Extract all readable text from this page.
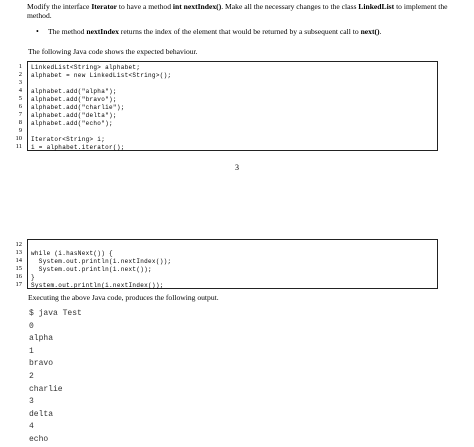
Modify the interface Iterator to have a method int nextIndex(). Make all the necessary changes to the class LinkedList to implement the method.
• The method nextIndex returns the index of the element that would be returned by a subsequent call to next().
The following Java code shows the expected behaviour.
1
2
3
4
5
6
7
8
9
10
11
LinkedList<String> alphabet;
alphabet = new LinkedList<String>();
alphabet.add("alpha");
alphabet.add("bravo");
alphabet.add("charlie");
alphabet.add("delta");
alphabet.add("echo");
Iterator<String> i;
i = alphabet.iterator();
3
12
13
14
15
16
17
while (i.hasNext()) {
System.out.println(i.nextIndex());
System.out.println(i.next());
}
System.out.println(i.nextIndex());
Executing the above Java code, produces the following output.
$ java Test
0
alpha
1
bravo
2
charlie
3
delta
4
echo
